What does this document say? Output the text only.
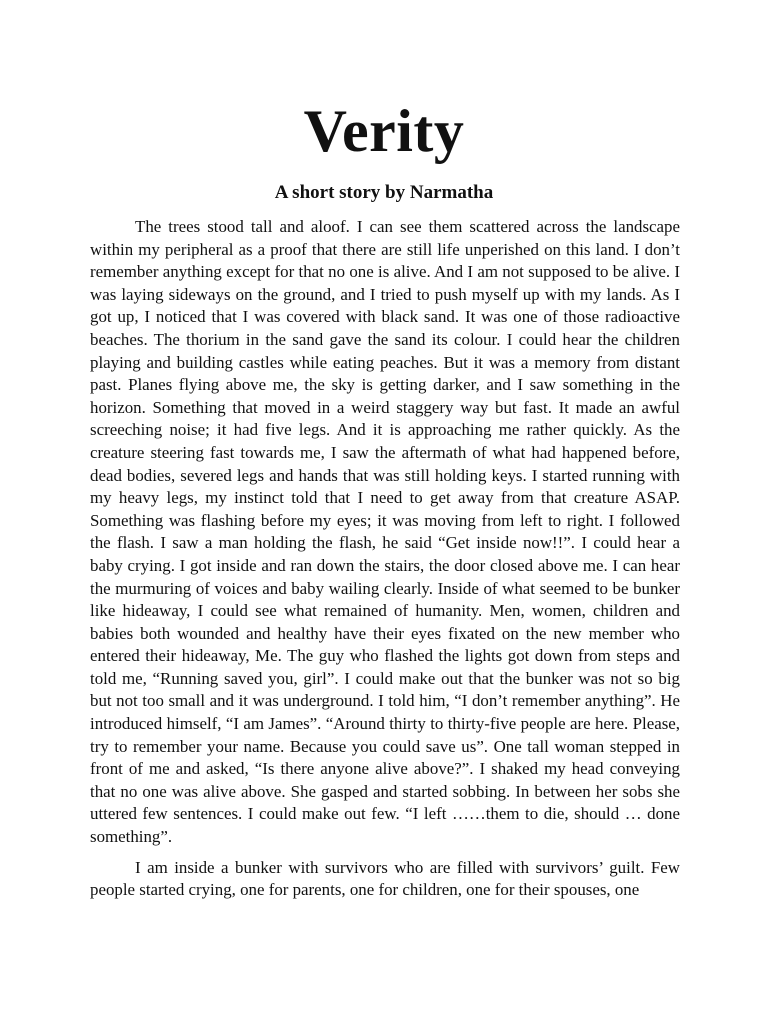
Verity
A short story by Narmatha

The trees stood tall and aloof. I can see them scattered across the landscape within my peripheral as a proof that there are still life unperished on this land. I don’t remember anything except for that no one is alive. And I am not supposed to be alive. I was laying sideways on the ground, and I tried to push myself up with my lands. As I got up, I noticed that I was covered with black sand. It was one of those radioactive beaches. The thorium in the sand gave the sand its colour. I could hear the children playing and building castles while eating peaches. But it was a memory from distant past. Planes flying above me, the sky is getting darker, and I saw something in the horizon. Something that moved in a weird staggery way but fast. It made an awful screeching noise; it had five legs. And it is approaching me rather quickly. As the creature steering fast towards me, I saw the aftermath of what had happened before, dead bodies, severed legs and hands that was still holding keys. I started running with my heavy legs, my instinct told that I need to get away from that creature ASAP. Something was flashing before my eyes; it was moving from left to right. I followed the flash. I saw a man holding the flash, he said “Get inside now!!”. I could hear a baby crying. I got inside and ran down the stairs, the door closed above me. I can hear the murmuring of voices and baby wailing clearly. Inside of what seemed to be bunker like hideaway, I could see what remained of humanity. Men, women, children and babies both wounded and healthy have their eyes fixated on the new member who entered their hideaway, Me. The guy who flashed the lights got down from steps and told me, “Running saved you, girl”. I could make out that the bunker was not so big but not too small and it was underground. I told him, “I don’t remember anything”. He introduced himself, “I am James”. “Around thirty to thirty-five people are here. Please, try to remember your name. Because you could save us”. One tall woman stepped in front of me and asked, “Is there anyone alive above?”. I shaked my head conveying that no one was alive above. She gasped and started sobbing. In between her sobs she uttered few sentences. I could make out few. “I left ……them to die, should … done something”.

I am inside a bunker with survivors who are filled with survivors’ guilt. Few people started crying, one for parents, one for children, one for their spouses, one
